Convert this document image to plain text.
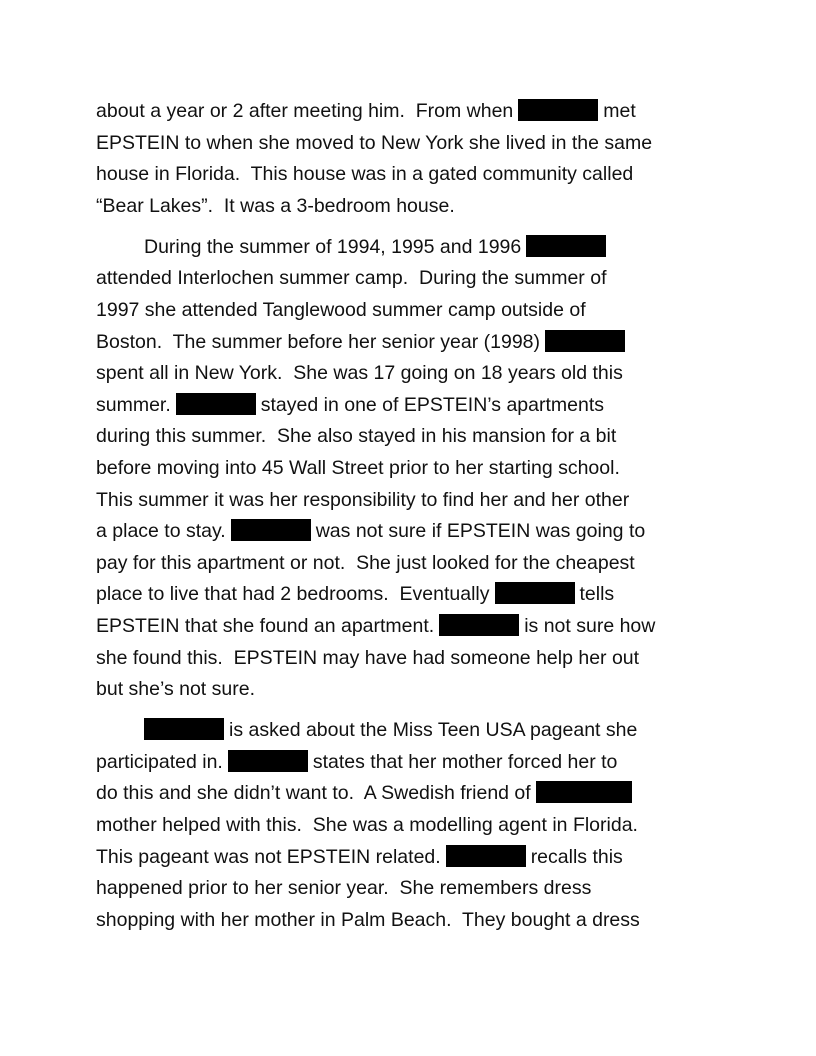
about a year or 2 after meeting him.  From when	met
EPSTEIN to when she moved to New York she lived in the same
house in Florida.  This house was in a gated community called
“Bear Lakes”.  It was a 3-bedroom house.
During the summer of 1994, 1995 and 1996
attended Interlochen summer camp.  During the summer of
1997 she attended Tanglewood summer camp outside of
Boston.  The summer before her senior year (1998)
spent all in New York.  She was 17 going on 18 years old this
summer.	stayed in one of EPSTEIN’s apartments
during this summer.  She also stayed in his mansion for a bit
before moving into 45 Wall Street prior to her starting school.
This summer it was her responsibility to find her and her other
a place to stay.	was not sure if EPSTEIN was going to
pay for this apartment or not.  She just looked for the cheapest
place to live that had 2 bedrooms.  Eventually	tells
EPSTEIN that she found an apartment.	is not sure how
she found this.  EPSTEIN may have had someone help her out
but she’s not sure.
is asked about the Miss Teen USA pageant she
participated in.	states that her mother forced her to
do this and she didn’t want to.  A Swedish friend of
mother helped with this.  She was a modelling agent in Florida.
This pageant was not EPSTEIN related.	recalls this
happened prior to her senior year.  She remembers dress
shopping with her mother in Palm Beach.  They bought a dress
